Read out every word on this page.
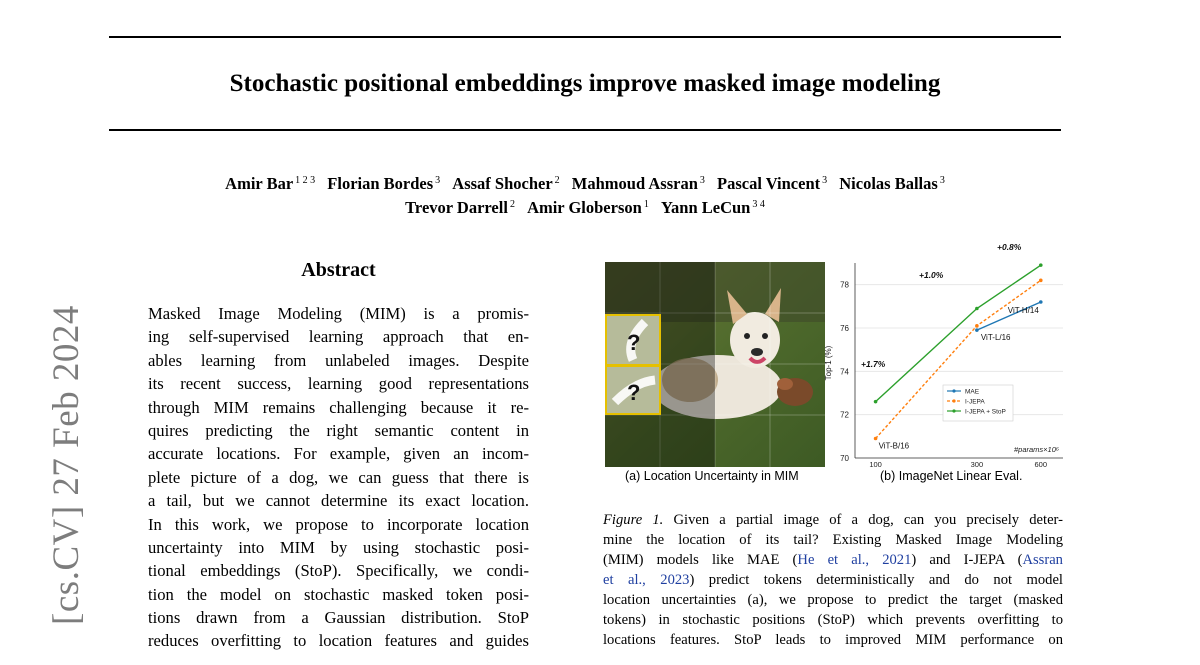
Stochastic positional embeddings improve masked image modeling
Amir Bar $^{1 2 3}$ Florian Bordes $^3$ Assaf Shocher $^2$ Mahmoud Assran $^3$ Pascal Vincent $^3$ Nicolas Ballas $^3$
Trevor Darrell $^2$ Amir Globerson $^1$ Yann LeCun $^{3 4}$
[cs.CV] 27 Feb 2024
Abstract
Masked Image Modeling (MIM) is a promis-
ing self-supervised learning approach that en-
ables learning from unlabeled images. Despite
its recent success, learning good representations
through MIM remains challenging because it re-
quires predicting the right semantic content in
accurate locations. For example, given an incom-
plete picture of a dog, we can guess that there is
a tail, but we cannot determine its exact location.
In this work, we propose to incorporate location
uncertainty into MIM by using stochastic posi-
tional embeddings (StoP). Specifically, we condi-
tion the model on stochastic masked token posi-
tions drawn from a Gaussian distribution. StoP
reduces overfitting to location features and guides
?
?
(a) Location Uncertainty in MIM
70
72
74
76
78
100	300	600
Top-1 (%)
ViT-B/16
ViT-L/16
ViT-H/14
+1.7%
+1.0%
+0.8%
MAE
I-JEPA
I-JEPA + StoP
#params×10⁶
(b) ImageNet Linear Eval.
Figure 1. Given a partial image of a dog, can you precisely deter-
mine the location of its tail? Existing Masked Image Modeling
(MIM) models like MAE (He et al., 2021) and I-JEPA (Assran
et al., 2023) predict tokens deterministically and do not model
location uncertainties (a), we propose to predict the target (masked
tokens) in stochastic positions (StoP) which prevents overfitting to
locations features. StoP leads to improved MIM performance on
